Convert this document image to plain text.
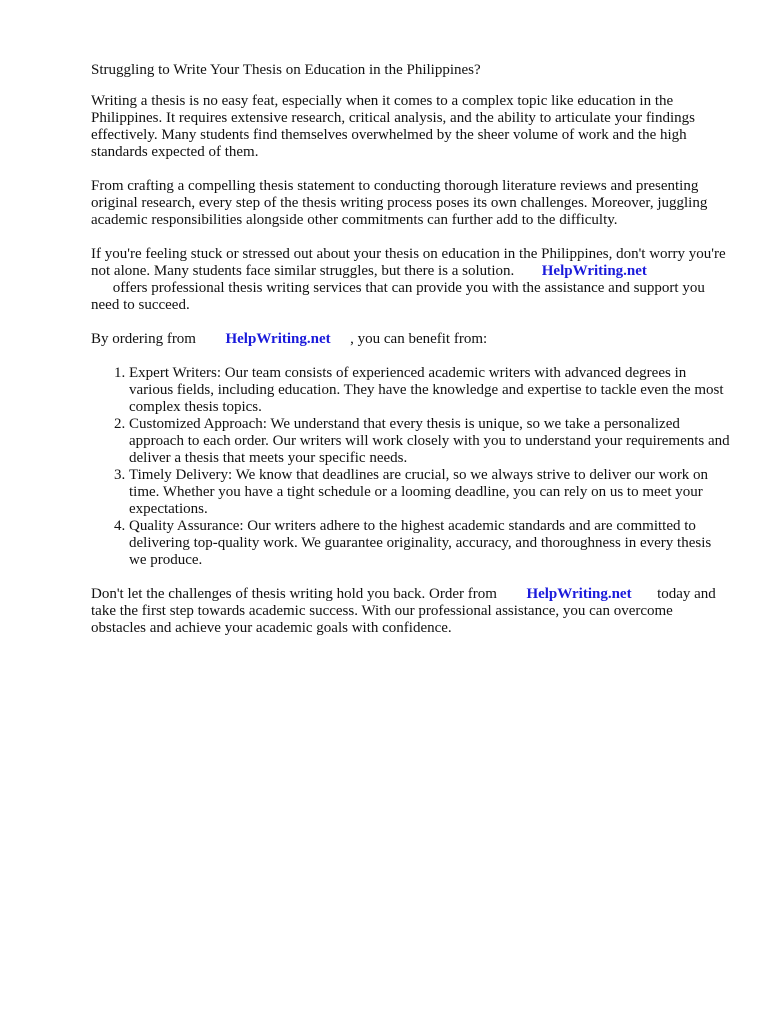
Struggling to Write Your Thesis on Education in the Philippines?

Writing a thesis is no easy feat, especially when it comes to a complex topic like education in the Philippines. It requires extensive research, critical analysis, and the ability to articulate your findings effectively. Many students find themselves overwhelmed by the sheer volume of work and the high standards expected of them.

From crafting a compelling thesis statement to conducting thorough literature reviews and presenting original research, every step of the thesis writing process poses its own challenges. Moreover, juggling academic responsibilities alongside other commitments can further add to the difficulty.

If you're feeling stuck or stressed out about your thesis on education in the Philippines, don't worry you're not alone. Many students face similar struggles, but there is a solution. HelpWriting.net
offers professional thesis writing services that can provide you with the assistance and support you need to succeed.

By ordering from HelpWriting.net , you can benefit from:

1. Expert Writers: Our team consists of experienced academic writers with advanced degrees in various fields, including education. They have the knowledge and expertise to tackle even the most complex thesis topics.
2. Customized Approach: We understand that every thesis is unique, so we take a personalized approach to each order. Our writers will work closely with you to understand your requirements and deliver a thesis that meets your specific needs.
3. Timely Delivery: We know that deadlines are crucial, so we always strive to deliver our work on time. Whether you have a tight schedule or a looming deadline, you can rely on us to meet your expectations.
4. Quality Assurance: Our writers adhere to the highest academic standards and are committed to delivering top-quality work. We guarantee originality, accuracy, and thoroughness in every thesis we produce.

Don't let the challenges of thesis writing hold you back. Order from HelpWriting.net today and take the first step towards academic success. With our professional assistance, you can overcome obstacles and achieve your academic goals with confidence.
